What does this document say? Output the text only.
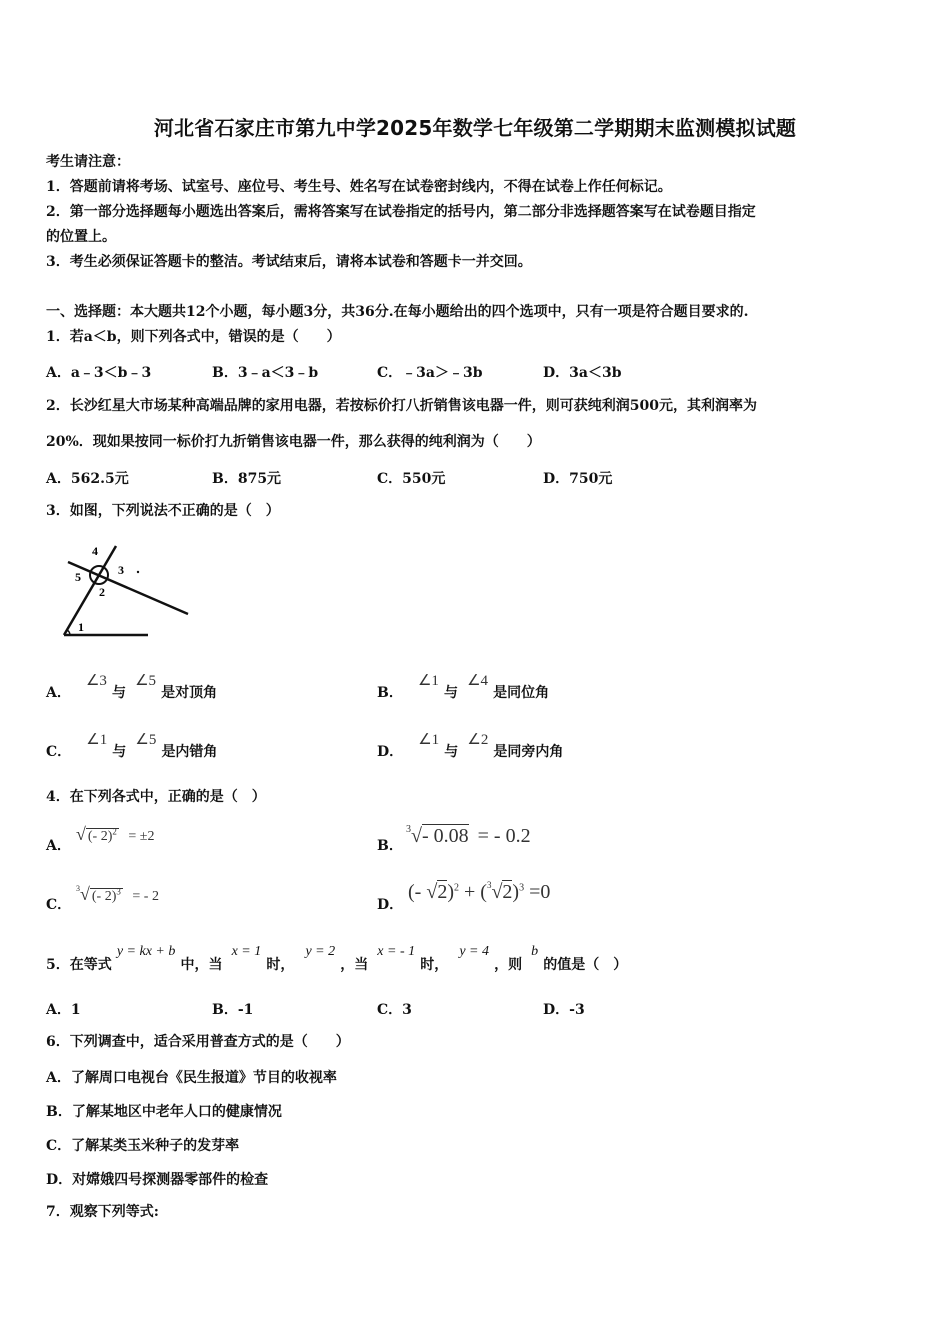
河北省石家庄市第九中学2025年数学七年级第二学期期末监测模拟试题
考生请注意：
1．答题前请将考场、试室号、座位号、考生号、姓名写在试卷密封线内，不得在试卷上作任何标记。
2．第一部分选择题每小题选出答案后，需将答案写在试卷指定的括号内，第二部分非选择题答案写在试卷题目指定
的位置上。
3．考生必须保证答题卡的整洁。考试结束后，请将本试卷和答题卡一并交回。
一、选择题：本大题共12个小题，每小题3分，共36分.在每小题给出的四个选项中，只有一项是符合题目要求的.
1．若a＜b，则下列各式中，错误的是（　　）
A．a﹣3＜b﹣3	B．3﹣a＜3﹣b	C．﹣3a＞﹣3b	D．3a＜3b
2．长沙红星大市场某种高端品牌的家用电器，若按标价打八折销售该电器一件，则可获纯利润500元，其利润率为
20%．现如果按同一标价打九折销售该电器一件，那么获得的纯利润为（　　）
A．562.5元	B．875元	C．550元	D．750元
3．如图，下列说法不正确的是（　）
4
5	3
2
1
A． ∠3 与 ∠5 是对顶角	B． ∠1 与 ∠4 是同位角
C． ∠1 与 ∠5 是内错角	D． ∠1 与 ∠2 是同旁内角
4．在下列各式中，正确的是（　）
A．
√ (- 2)$^2$ = ±2
B．
$^3$√- 0.08 = - 0.2
C．
$^3$√ (- 2)$^3$ = - 2
D．
(- $√2)^2 + (^3√2)^3 =0$
5．在等式 y = kx + b 中，当 x = 1 时， y = 2 ，当 x = - 1 时， y = 4 ，则 b 的值是（　）
A．1	B．-1	C．3	D．-3
6．下列调查中，适合采用普查方式的是（　　）
A．了解周口电视台《民生报道》节目的收视率
B．了解某地区中老年人口的健康情况
C．了解某类玉米种子的发芽率
D．对嫦娥四号探测器零部件的检查
7．观察下列等式:
